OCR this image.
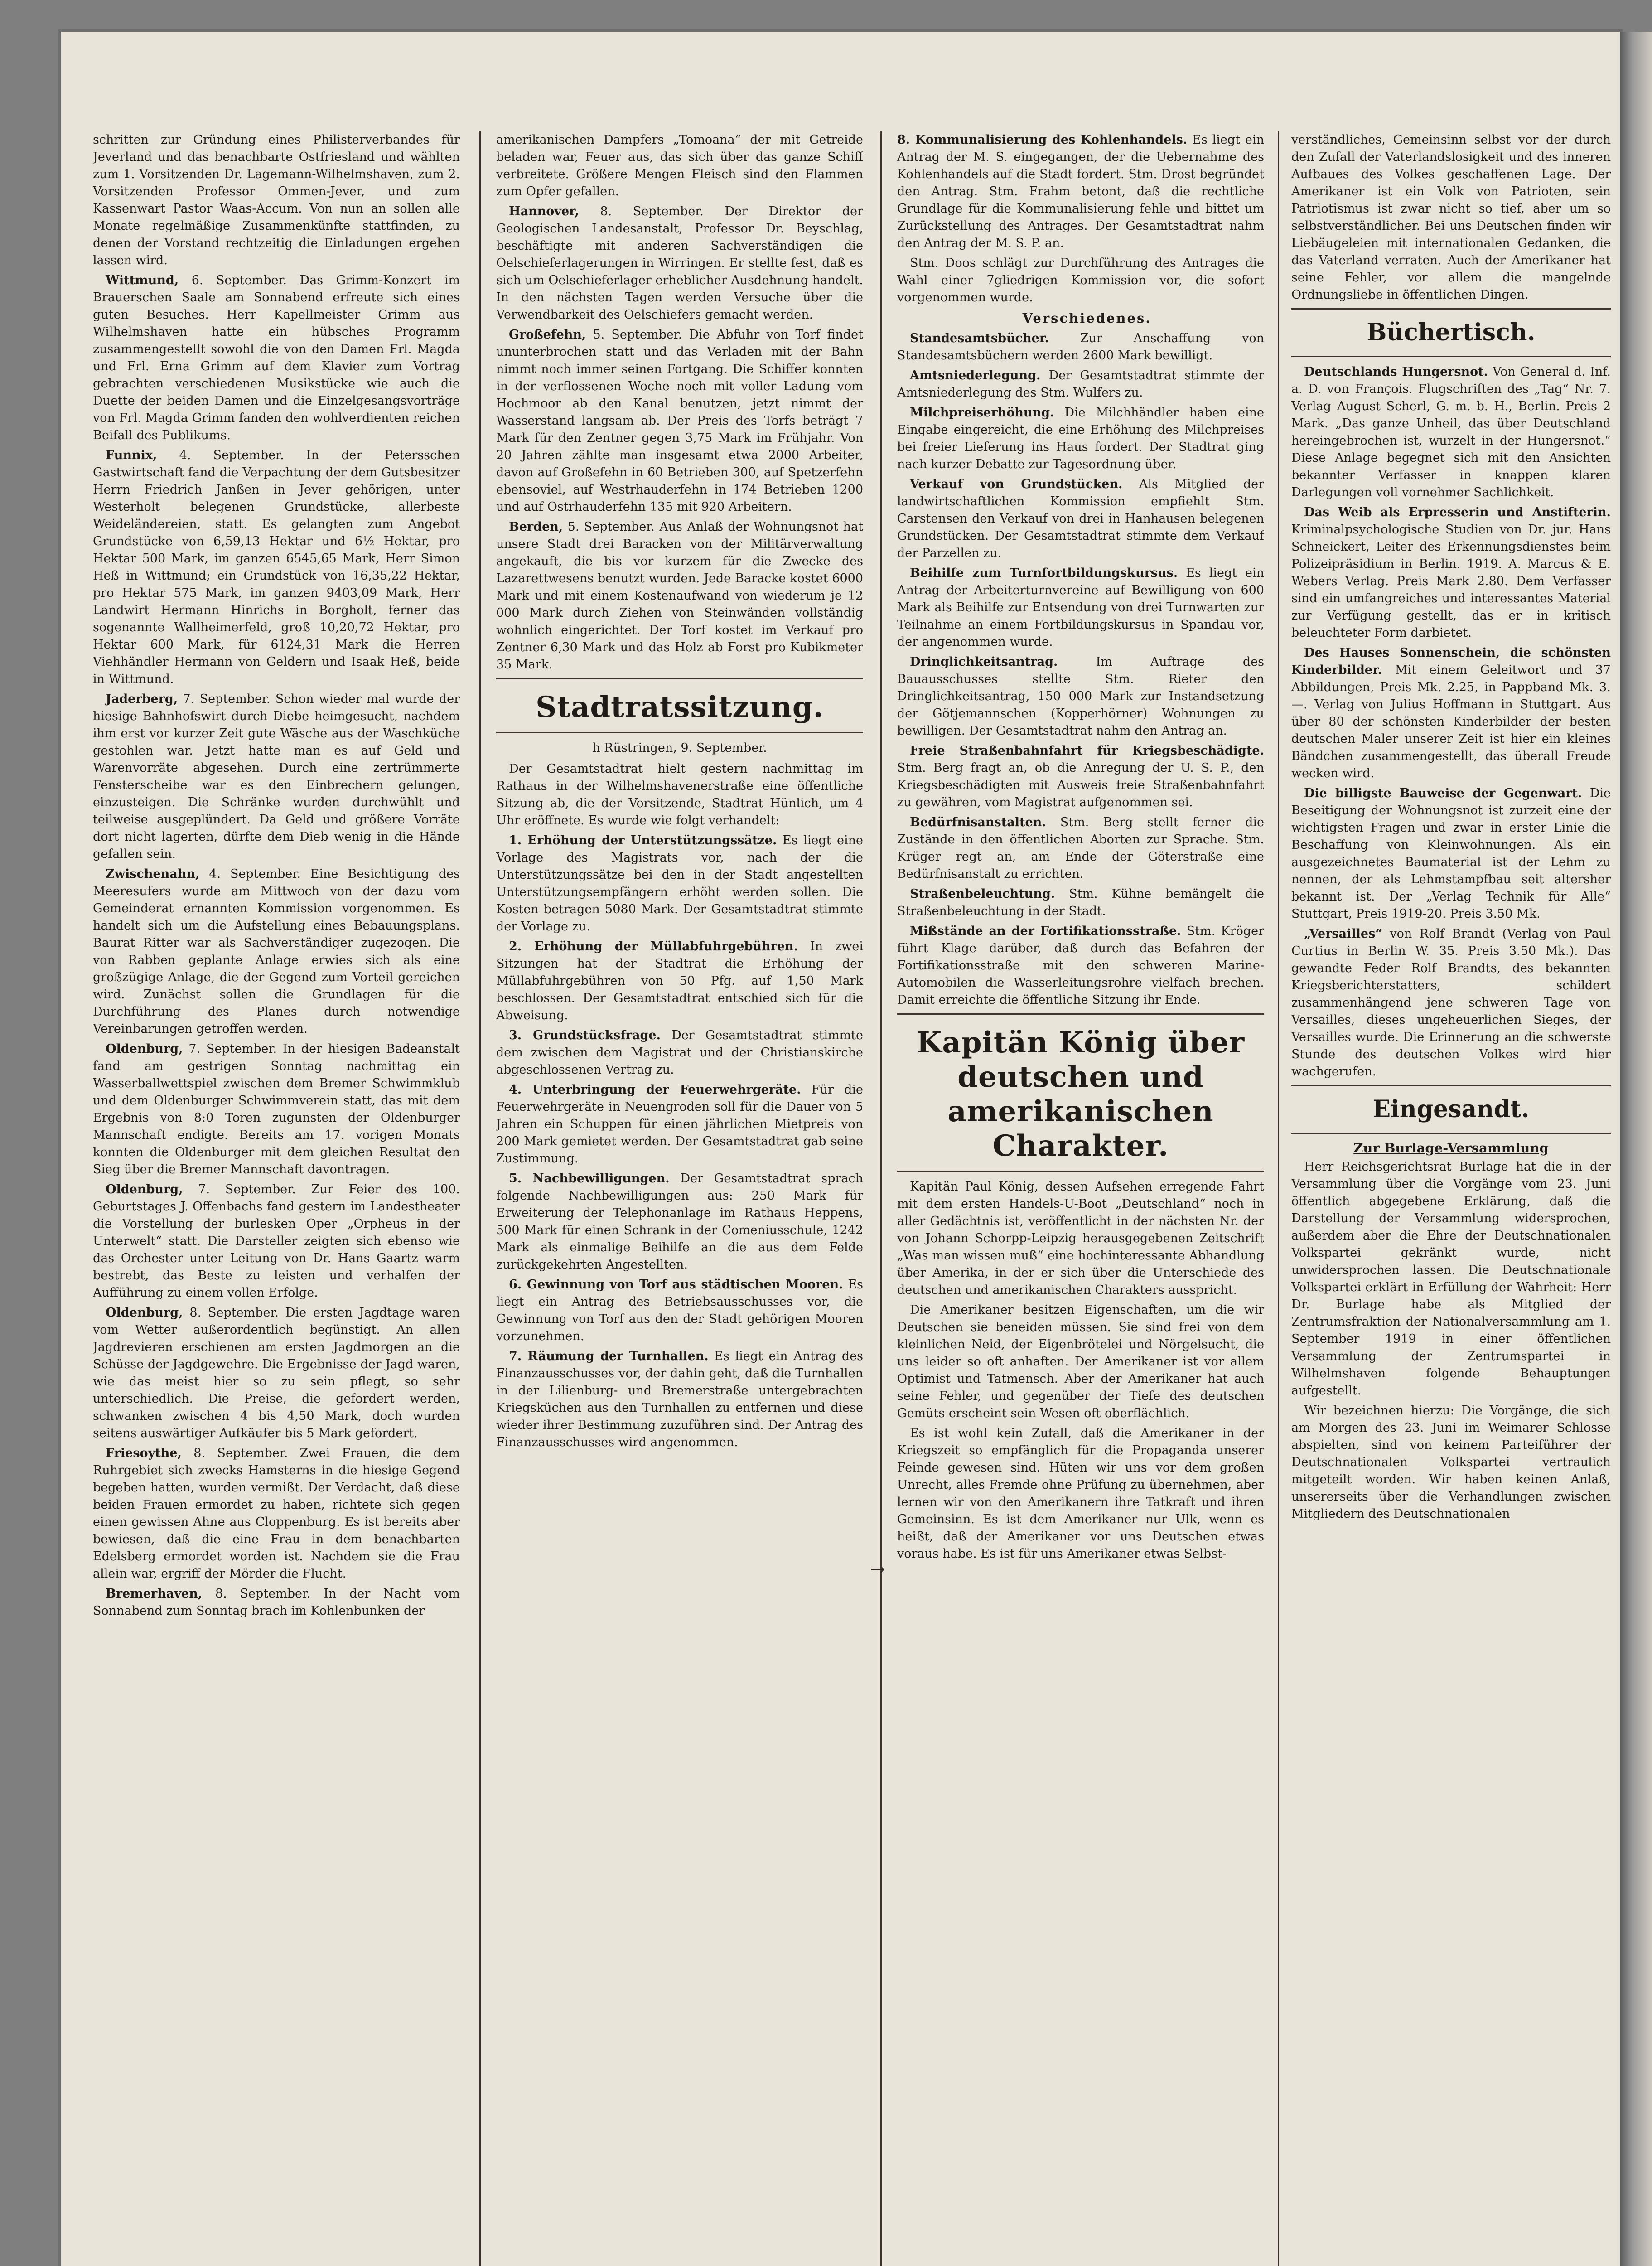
schritten zur Gründung eines Philisterverbandes für Jeverland und das benachbarte Ostfriesland und wählten zum 1. Vorsitzenden Dr. Lagemann-Wilhelmshaven, zum 2. Vorsitzenden Professor Ommen-Jever, und zum Kassenwart Pastor Waas-Accum. Von nun an sollen alle Monate regelmäßige Zusammenkünfte stattfinden, zu denen der Vorstand rechtzeitig die Einladungen ergehen lassen wird.

Wittmund, 6. September. Das Grimm-Konzert im Brauerschen Saale am Sonnabend erfreute sich eines guten Besuches. Herr Kapellmeister Grimm aus Wilhelmshaven hatte ein hübsches Programm zusammengestellt sowohl die von den Damen Frl. Magda und Frl. Erna Grimm auf dem Klavier zum Vortrag gebrachten verschiedenen Musikstücke wie auch die Duette der beiden Damen und die Einzelgesangsvorträge von Frl. Magda Grimm fanden den wohlverdienten reichen Beifall des Publikums.

Funnix, 4. September. In der Petersschen Gastwirtschaft fand die Verpachtung der dem Gutsbesitzer Herrn Friedrich Janßen in Jever gehörigen, unter Westerholt belegenen Grundstücke, allerbeste Weideländereien, statt. Es gelangten zum Angebot Grundstücke von 6,59,13 Hektar und 6½ Hektar, pro Hektar 500 Mark, im ganzen 6545,65 Mark, Herr Simon Heß in Wittmund; ein Grundstück von 16,35,22 Hektar, pro Hektar 575 Mark, im ganzen 9403,09 Mark, Herr Landwirt Hermann Hinrichs in Borgholt, ferner das sogenannte Wallheimerfeld, groß 10,20,72 Hektar, pro Hektar 600 Mark, für 6124,31 Mark die Herren Viehhändler Hermann von Geldern und Isaak Heß, beide in Wittmund.

Jaderberg, 7. September. Schon wieder mal wurde der hiesige Bahnhofswirt durch Diebe heimgesucht, nachdem ihm erst vor kurzer Zeit gute Wäsche aus der Waschküche gestohlen war. Jetzt hatte man es auf Geld und Warenvorräte abgesehen. Durch eine zertrümmerte Fensterscheibe war es den Einbrechern gelungen, einzusteigen. Die Schränke wurden durchwühlt und teilweise ausgeplündert. Da Geld und größere Vorräte dort nicht lagerten, dürfte dem Dieb wenig in die Hände gefallen sein.

Zwischenahn, 4. September. Eine Besichtigung des Meeresufers wurde am Mittwoch von der dazu vom Gemeinderat ernannten Kommission vorgenommen. Es handelt sich um die Aufstellung eines Bebauungsplans. Baurat Ritter war als Sachverständiger zugezogen. Die von Rabben geplante Anlage erwies sich als eine großzügige Anlage, die der Gegend zum Vorteil gereichen wird. Zunächst sollen die Grundlagen für die Durchführung des Planes durch notwendige Vereinbarungen getroffen werden.

Oldenburg, 7. September. In der hiesigen Badeanstalt fand am gestrigen Sonntag nachmittag ein Wasserballwettspiel zwischen dem Bremer Schwimmklub und dem Oldenburger Schwimmverein statt, das mit dem Ergebnis von 8:0 Toren zugunsten der Oldenburger Mannschaft endigte. Bereits am 17. vorigen Monats konnten die Oldenburger mit dem gleichen Resultat den Sieg über die Bremer Mannschaft davontragen.

Oldenburg, 7. September. Zur Feier des 100. Geburtstages J. Offenbachs fand gestern im Landestheater die Vorstellung der burlesken Oper „Orpheus in der Unterwelt“ statt. Die Darsteller zeigten sich ebenso wie das Orchester unter Leitung von Dr. Hans Gaartz warm bestrebt, das Beste zu leisten und verhalfen der Aufführung zu einem vollen Erfolge.

Oldenburg, 8. September. Die ersten Jagdtage waren vom Wetter außerordentlich begünstigt. An allen Jagdrevieren erschienen am ersten Jagdmorgen an die Schüsse der Jagdgewehre. Die Ergebnisse der Jagd waren, wie das meist hier so zu sein pflegt, so sehr unterschiedlich. Die Preise, die gefordert werden, schwanken zwischen 4 bis 4,50 Mark, doch wurden seitens auswärtiger Aufkäufer bis 5 Mark gefordert.

Friesoythe, 8. September. Zwei Frauen, die dem Ruhrgebiet sich zwecks Hamsterns in die hiesige Gegend begeben hatten, wurden vermißt. Der Verdacht, daß diese beiden Frauen ermordet zu haben, richtete sich gegen einen gewissen Ahne aus Cloppenburg. Es ist bereits aber bewiesen, daß die eine Frau in dem benachbarten Edelsberg ermordet worden ist. Nachdem sie die Frau allein war, ergriff der Mörder die Flucht.

Bremerhaven, 8. September. In der Nacht vom Sonnabend zum Sonntag brach im Kohlenbunken der

amerikanischen Dampfers „Tomoana“ der mit Getreide beladen war, Feuer aus, das sich über das ganze Schiff verbreitete. Größere Mengen Fleisch sind den Flammen zum Opfer gefallen.

Hannover, 8. September. Der Direktor der Geologischen Landesanstalt, Professor Dr. Beyschlag, beschäftigte mit anderen Sachverständigen die Oelschieferlagerungen in Wirringen. Er stellte fest, daß es sich um Oelschieferlager erheblicher Ausdehnung handelt. In den nächsten Tagen werden Versuche über die Verwendbarkeit des Oelschiefers gemacht werden.

Großefehn, 5. September. Die Abfuhr von Torf findet ununterbrochen statt und das Verladen mit der Bahn nimmt noch immer seinen Fortgang. Die Schiffer konnten in der verflossenen Woche noch mit voller Ladung vom Hochmoor ab den Kanal benutzen, jetzt nimmt der Wasserstand langsam ab. Der Preis des Torfs beträgt 7 Mark für den Zentner gegen 3,75 Mark im Frühjahr. Von 20 Jahren zählte man insgesamt etwa 2000 Arbeiter, davon auf Großefehn in 60 Betrieben 300, auf Spetzerfehn ebensoviel, auf Westrhauderfehn in 174 Betrieben 1200 und auf Ostrhauderfehn 135 mit 920 Arbeitern.

Berden, 5. September. Aus Anlaß der Wohnungsnot hat unsere Stadt drei Baracken von der Militärverwaltung angekauft, die bis vor kurzem für die Zwecke des Lazarettwesens benutzt wurden. Jede Baracke kostet 6000 Mark und mit einem Kostenaufwand von wiederum je 12 000 Mark durch Ziehen von Steinwänden vollständig wohnlich eingerichtet. Der Torf kostet im Verkauf pro Zentner 6,30 Mark und das Holz ab Forst pro Kubikmeter 35 Mark.

Stadtratssitzung.
h Rüstringen, 9. September.

Der Gesamtstadtrat hielt gestern nachmittag im Rathaus in der Wilhelmshavenerstraße eine öffentliche Sitzung ab, die der Vorsitzende, Stadtrat Hünlich, um 4 Uhr eröffnete. Es wurde wie folgt verhandelt:

1. Erhöhung der Unterstützungssätze. Es liegt eine Vorlage des Magistrats vor, nach der die Unterstützungssätze bei den in der Stadt angestellten Unterstützungsempfängern erhöht werden sollen. Die Kosten betragen 5080 Mark. Der Gesamtstadtrat stimmte der Vorlage zu.

2. Erhöhung der Müllabfuhrgebühren. In zwei Sitzungen hat der Stadtrat die Erhöhung der Müllabfuhrgebühren von 50 Pfg. auf 1,50 Mark beschlossen. Der Gesamtstadtrat entschied sich für die Abweisung.

3. Grundstücksfrage. Der Gesamtstadtrat stimmte dem zwischen dem Magistrat und der Christianskirche abgeschlossenen Vertrag zu.

4. Unterbringung der Feuerwehrgeräte. Für die Feuerwehrgeräte in Neuengroden soll für die Dauer von 5 Jahren ein Schuppen für einen jährlichen Mietpreis von 200 Mark gemietet werden. Der Gesamtstadtrat gab seine Zustimmung.

5. Nachbewilligungen. Der Gesamtstadtrat sprach folgende Nachbewilligungen aus: 250 Mark für Erweiterung der Telephonanlage im Rathaus Heppens, 500 Mark für einen Schrank in der Comeniusschule, 1242 Mark als einmalige Beihilfe an die aus dem Felde zurückgekehrten Angestellten.

6. Gewinnung von Torf aus städtischen Mooren. Es liegt ein Antrag des Betriebsausschusses vor, die Gewinnung von Torf aus den der Stadt gehörigen Mooren vorzunehmen.

7. Räumung der Turnhallen. Es liegt ein Antrag des Finanzausschusses vor, der dahin geht, daß die Turnhallen in der Lilienburg- und Bremerstraße untergebrachten Kriegsküchen aus den Turnhallen zu entfernen und diese wieder ihrer Bestimmung zuzuführen sind. Der Antrag des Finanzausschusses wird angenommen.

8. Kommunalisierung des Kohlenhandels. Es liegt ein Antrag der M. S. eingegangen, der die Uebernahme des Kohlenhandels auf die Stadt fordert. Stm. Drost begründet den Antrag. Stm. Frahm betont, daß die rechtliche Grundlage für die Kommunalisierung fehle und bittet um Zurückstellung des Antrages. Der Gesamtstadtrat nahm den Antrag der M. S. P. an.

Stm. Doos schlägt zur Durchführung des Antrages die Wahl einer 7gliedrigen Kommission vor, die sofort vorgenommen wurde.

Verschiedenes.

Standesamtsbücher.	Zur Anschaffung von Standesamtsbüchern werden 2600 Mark bewilligt.

Amtsniederlegung. Der Gesamtstadtrat stimmte der Amtsniederlegung des Stm. Wulfers zu.

Milchpreiserhöhung. Die Milchhändler haben eine Eingabe eingereicht, die eine Erhöhung des Milchpreises bei freier Lieferung ins Haus fordert. Der Stadtrat ging nach kurzer Debatte zur Tagesordnung über.

Verkauf von Grundstücken. Als Mitglied der landwirtschaftlichen Kommission empfiehlt Stm. Carstensen den Verkauf von drei in Hanhausen belegenen Grundstücken. Der Gesamtstadtrat stimmte dem Verkauf der Parzellen zu.

Beihilfe zum Turnfortbildungskursus. Es liegt ein Antrag der Arbeiterturnvereine auf Bewilligung von 600 Mark als Beihilfe zur Entsendung von drei Turnwarten zur Teilnahme an einem Fortbildungskursus in Spandau vor, der angenommen wurde.

Dringlichkeitsantrag.	Im Auftrage des Bauausschusses stellte Stm. Rieter den Dringlichkeitsantrag, 150 000 Mark zur Instandsetzung der Götjemannschen (Kopperhörner) Wohnungen zu bewilligen. Der Gesamtstadtrat nahm den Antrag an.

Freie Straßenbahnfahrt für Kriegsbeschädigte. Stm. Berg fragt an, ob die Anregung der U. S. P., den Kriegsbeschädigten mit Ausweis freie Straßenbahnfahrt zu gewähren, vom Magistrat aufgenommen sei.

Bedürfnisanstalten. Stm. Berg stellt ferner die Zustände in den öffentlichen Aborten zur Sprache. Stm. Krüger regt an, am Ende der Göterstraße eine Bedürfnisanstalt zu errichten.

Straßenbeleuchtung. Stm. Kühne bemängelt die Straßenbeleuchtung in der Stadt.

Mißstände an der Fortifikationsstraße. Stm. Kröger führt Klage darüber, daß durch das Befahren der Fortifikationsstraße mit den schweren Marine-Automobilen die Wasserleitungsrohre vielfach brechen. Damit erreichte die öffentliche Sitzung ihr Ende.

Kapitän König über deutschen und amerikanischen Charakter.

Kapitän Paul König, dessen Aufsehen erregende Fahrt mit dem ersten Handels-U-Boot „Deutschland“ noch in aller Gedächtnis ist, veröffentlicht in der nächsten Nr. der von Johann Schorpp-Leipzig herausgegebenen Zeitschrift „Was man wissen muß“ eine hochinteressante Abhandlung über Amerika, in der er sich über die Unterschiede des deutschen und amerikanischen Charakters ausspricht.

Die Amerikaner besitzen Eigenschaften, um die wir Deutschen sie beneiden müssen. Sie sind frei von dem kleinlichen Neid, der Eigenbrötelei und Nörgelsucht, die uns leider so oft anhaften. Der Amerikaner ist vor allem Optimist und Tatmensch. Aber der Amerikaner hat auch seine Fehler, und gegenüber der Tiefe des deutschen Gemüts erscheint sein Wesen oft oberflächlich.

Es ist wohl kein Zufall, daß die Amerikaner in der Kriegszeit so empfänglich für die Propaganda unserer Feinde gewesen sind. Hüten wir uns vor dem großen Unrecht, alles Fremde ohne Prüfung zu übernehmen, aber lernen wir von den Amerikanern ihre Tatkraft und ihren Gemeinsinn. Es ist dem Amerikaner nur Ulk, wenn es heißt, daß der Amerikaner vor uns Deutschen etwas voraus habe. Es ist für uns Amerikaner etwas Selbst-

verständliches, Gemeinsinn selbst vor der durch den Zufall der Vaterlandslosigkeit und des inneren Aufbaues des Volkes geschaffenen Lage. Der Amerikaner ist ein Volk von Patrioten, sein Patriotismus ist zwar nicht so tief, aber um so selbstverständlicher. Bei uns Deutschen finden wir Liebäugeleien mit internationalen Gedanken, die das Vaterland verraten. Auch der Amerikaner hat seine Fehler, vor allem die mangelnde Ordnungsliebe in öffentlichen Dingen.

Büchertisch.

Deutschlands Hungersnot. Von General d. Inf. a. D. von François. Flugschriften des „Tag“ Nr. 7. Verlag August Scherl, G. m. b. H., Berlin. Preis 2 Mark. „Das ganze Unheil, das über Deutschland hereingebrochen ist, wurzelt in der Hungersnot.“ Diese Anlage begegnet sich mit den Ansichten bekannter Verfasser in knappen klaren Darlegungen voll vornehmer Sachlichkeit.

Das Weib als Erpresserin und Anstifterin. Kriminalpsychologische Studien von Dr. jur. Hans Schneickert, Leiter des Erkennungsdienstes beim Polizeipräsidium in Berlin. 1919. A. Marcus & E. Webers Verlag. Preis Mark 2.80. Dem Verfasser sind ein umfangreiches und interessantes Material zur Verfügung gestellt, das er in kritisch beleuchteter Form darbietet.

Des Hauses Sonnenschein, die schönsten Kinderbilder. Mit einem Geleitwort und 37 Abbildungen, Preis Mk. 2.25, in Pappband Mk. 3.—. Verlag von Julius Hoffmann in Stuttgart. Aus über 80 der schönsten Kinderbilder der besten deutschen Maler unserer Zeit ist hier ein kleines Bändchen zusammengestellt, das überall Freude wecken wird.

Die billigste Bauweise der Gegenwart. Die Beseitigung der Wohnungsnot ist zurzeit eine der wichtigsten Fragen und zwar in erster Linie die Beschaffung von Kleinwohnungen. Als ein ausgezeichnetes Baumaterial ist der Lehm zu nennen, der als Lehmstampfbau seit altersher bekannt ist. Der „Verlag Technik für Alle“ Stuttgart, Preis 1919-20. Preis 3.50 Mk.

„Versailles“ von Rolf Brandt (Verlag von Paul Curtius in Berlin W. 35. Preis 3.50 Mk.). Das gewandte Feder Rolf Brandts, des bekannten Kriegsberichterstatters, schildert zusammenhängend jene schweren Tage von Versailles, dieses ungeheuerlichen Sieges, der Versailles wurde. Die Erinnerung an die schwerste Stunde des deutschen Volkes wird hier wachgerufen.

Eingesandt.
Zur Burlage-Versammlung

Herr Reichsgerichtsrat Burlage hat die in der Versammlung über die Vorgänge vom 23. Juni öffentlich abgegebene Erklärung, daß die Darstellung der Versammlung widersprochen, außerdem aber die Ehre der Deutschnationalen Volkspartei gekränkt wurde, nicht unwidersprochen lassen. Die Deutschnationale Volkspartei erklärt in Erfüllung der Wahrheit: Herr Dr. Burlage habe als Mitglied der Zentrumsfraktion der Nationalversammlung am 1. September 1919 in einer öffentlichen Versammlung der Zentrumspartei in Wilhelmshaven folgende Behauptungen aufgestellt.

Wir bezeichnen hierzu: Die Vorgänge, die sich am Morgen des 23. Juni im Weimarer Schlosse abspielten, sind von keinem Parteiführer der Deutschnationalen Volkspartei vertraulich mitgeteilt worden. Wir haben keinen Anlaß, unsererseits über die Verhandlungen zwischen Mitgliedern des Deutschnationalen

→
